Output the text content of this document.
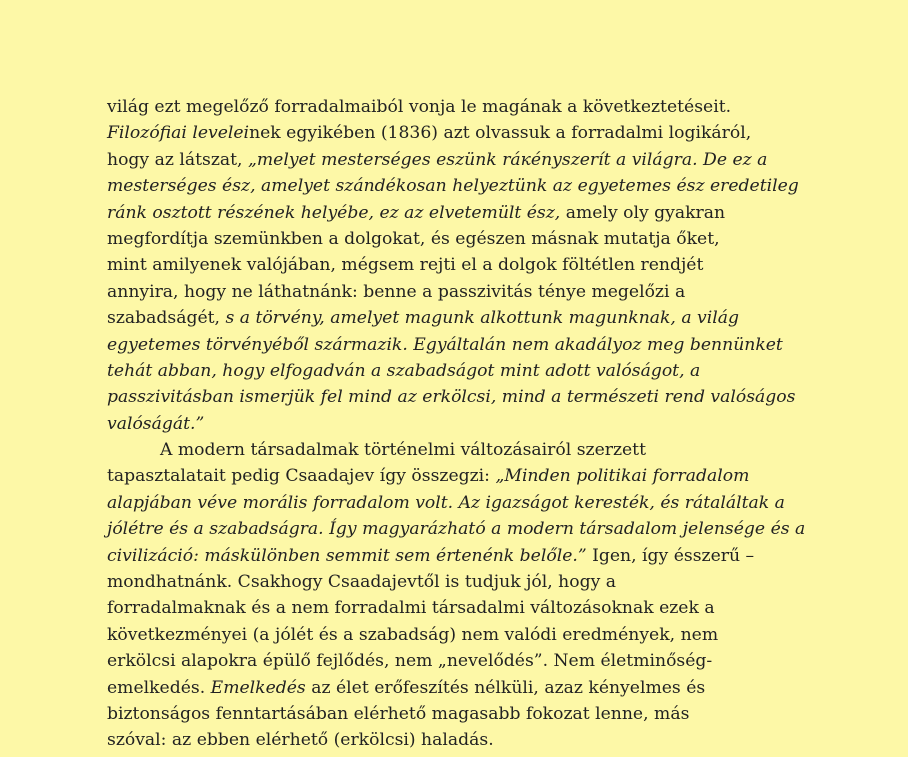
világ ezt megelőző forradalmaiból vonja le magának a következtetéseit.
Filozófiai leveleinek egyikében (1836) azt olvassuk a forradalmi logikáról,
hogy az látszat, „melyet mesterséges eszünk ráкényszerít a világra. De ez a
mesterséges ész, amelyet szándékosan helyeztünk az egyetemes ész eredetileg
ránk osztott részének helyébe, ez az elvetemült ész, amely oly gyakran
megfordítja szemünkben a dolgokat, és egészen másnak mutatja őket,
mint amilyenek valójában, mégsem rejti el a dolgok föltétlen rendjét
annyira, hogy ne láthatnánk: benne a passzivitás ténye megelőzi a
szabadságét, s a törvény, amelyet magunk alkottunk magunknak, a világ
egyetemes törvényéből származik. Egyáltalán nem akadályoz meg bennünket
tehát abban, hogy elfogadván a szabadságot mint adott valóságot, a
passzivitásban ismerjük fel mind az erkölcsi, mind a természeti rend valóságos
valóságát.”
A modern társadalmak történelmi változásairól szerzett
tapasztalatait pedig Csaadajev így összegzi: „Minden politikai forradalom
alapjában véve morális forradalom volt. Az igazságot keresték, és rátaláltak a
jólétre és a szabadságra. Így magyarázható a modern társadalom jelensége és a
civilizáció: máskülönben semmit sem értenénk belőle.” Igen, így ésszerű –
mondhatnánk. Csakhogy Csaadajevtől is tudjuk jól, hogy a
forradalmaknak és a nem forradalmi társadalmi változásoknak ezek a
következményei (a jólét és a szabadság) nem valódi eredmények, nem
erkölcsi alapokra épülő fejlődés, nem „nevelődés”. Nem életminőség-
emelkedés. Emelkedés az élet erőfeszítés nélküli, azaz kényelmes és
biztonságos fenntartásában elérhető magasabb fokozat lenne, más
szóval: az ebben elérhető (erkölcsi) haladás.
